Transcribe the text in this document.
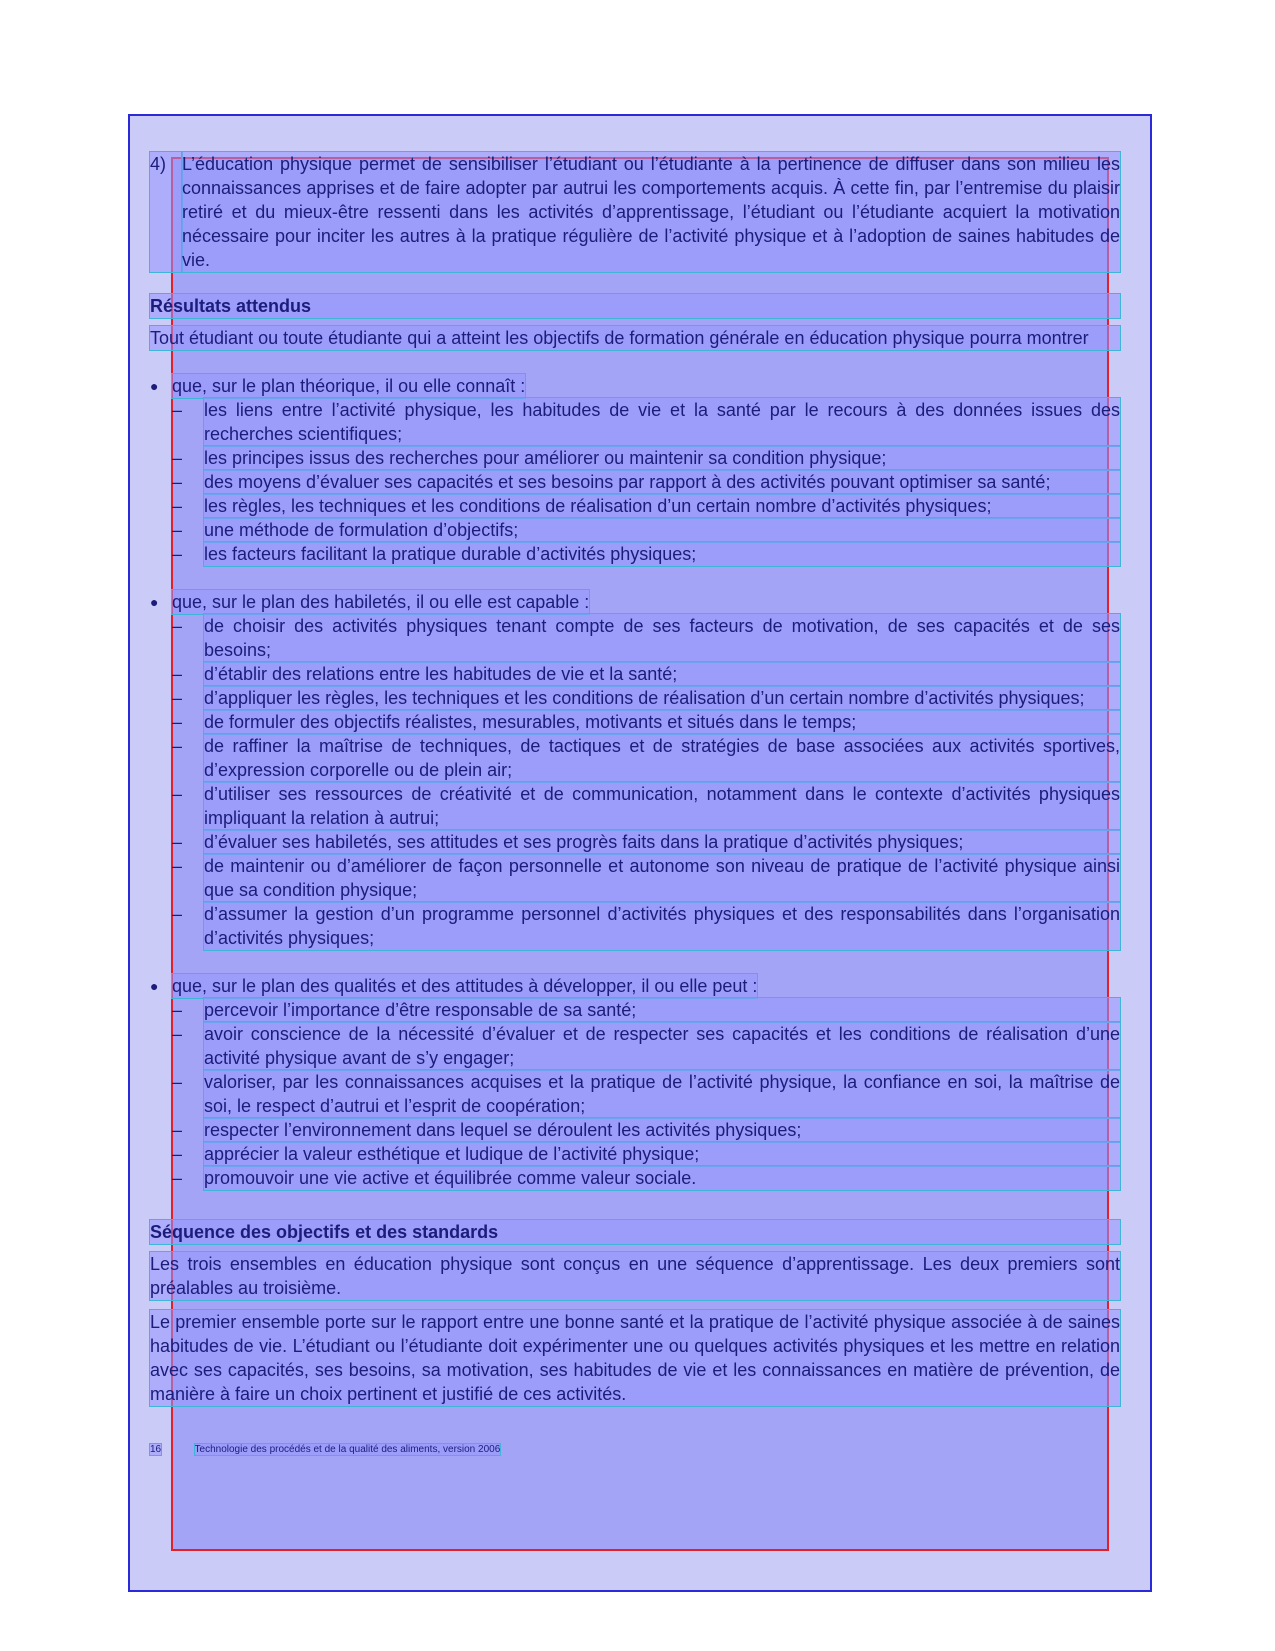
4) L’éducation physique permet de sensibiliser l’étudiant ou l’étudiante à la pertinence de diffuser dans son milieu les connaissances apprises et de faire adopter par autrui les comportements acquis. À cette fin, par l’entremise du plaisir retiré et du mieux-être ressenti dans les activités d’apprentissage, l’étudiant ou l’étudiante acquiert la motivation nécessaire pour inciter les autres à la pratique régulière de l’activité physique et à l’adoption de saines habitudes de vie.

Résultats attendus

Tout étudiant ou toute étudiante qui a atteint les objectifs de formation générale en éducation physique pourra montrer

● que, sur le plan théorique, il ou elle connaît :
–	les liens entre l’activité physique, les habitudes de vie et la santé par le recours à des données issues des recherches scientifiques;
–	les principes issus des recherches pour améliorer ou maintenir sa condition physique;
–	des moyens d’évaluer ses capacités et ses besoins par rapport à des activités pouvant optimiser sa santé;
–	les règles, les techniques et les conditions de réalisation d’un certain nombre d’activités physiques;
–	une méthode de formulation d’objectifs;
–	les facteurs facilitant la pratique durable d’activités physiques;
● que, sur le plan des habiletés, il ou elle est capable :
–	de choisir des activités physiques tenant compte de ses facteurs de motivation, de ses capacités et de ses besoins;
–	d’établir des relations entre les habitudes de vie et la santé;
–	d’appliquer les règles, les techniques et les conditions de réalisation d’un certain nombre d’activités physiques;
–	de formuler des objectifs réalistes, mesurables, motivants et situés dans le temps;
–	de raffiner la maîtrise de techniques, de tactiques et de stratégies de base associées aux activités sportives, d’expression corporelle ou de plein air;
–	d’utiliser ses ressources de créativité et de communication, notamment dans le contexte d’activités physiques impliquant la relation à autrui;
–	d’évaluer ses habiletés, ses attitudes et ses progrès faits dans la pratique d’activités physiques;
–	de maintenir ou d’améliorer de façon personnelle et autonome son niveau de pratique de l’activité physique ainsi que sa condition physique;
–	d’assumer la gestion d’un programme personnel d’activités physiques et des responsabilités dans l’organisation d’activités physiques;
● que, sur le plan des qualités et des attitudes à développer, il ou elle peut :
–	percevoir l’importance d’être responsable de sa santé;
–	avoir conscience de la nécessité d’évaluer et de respecter ses capacités et les conditions de réalisation d’une activité physique avant de s’y engager;
–	valoriser, par les connaissances acquises et la pratique de l’activité physique, la confiance en soi, la maîtrise de soi, le respect d’autrui et l’esprit de coopération;
–	respecter l’environnement dans lequel se déroulent les activités physiques;
–	apprécier la valeur esthétique et ludique de l’activité physique;
–	promouvoir une vie active et équilibrée comme valeur sociale.

Séquence des objectifs et des standards

Les trois ensembles en éducation physique sont conçus en une séquence d’apprentissage. Les deux premiers sont préalables au troisième.

Le premier ensemble porte sur le rapport entre une bonne santé et la pratique de l’activité physique associée à de saines habitudes de vie. L’étudiant ou l’étudiante doit expérimenter une ou quelques activités physiques et les mettre en relation avec ses capacités, ses besoins, sa motivation, ses habitudes de vie et les connaissances en matière de prévention, de manière à faire un choix pertinent et justifié de ces activités.

16	Technologie des procédés et de la qualité des aliments, version 2006
